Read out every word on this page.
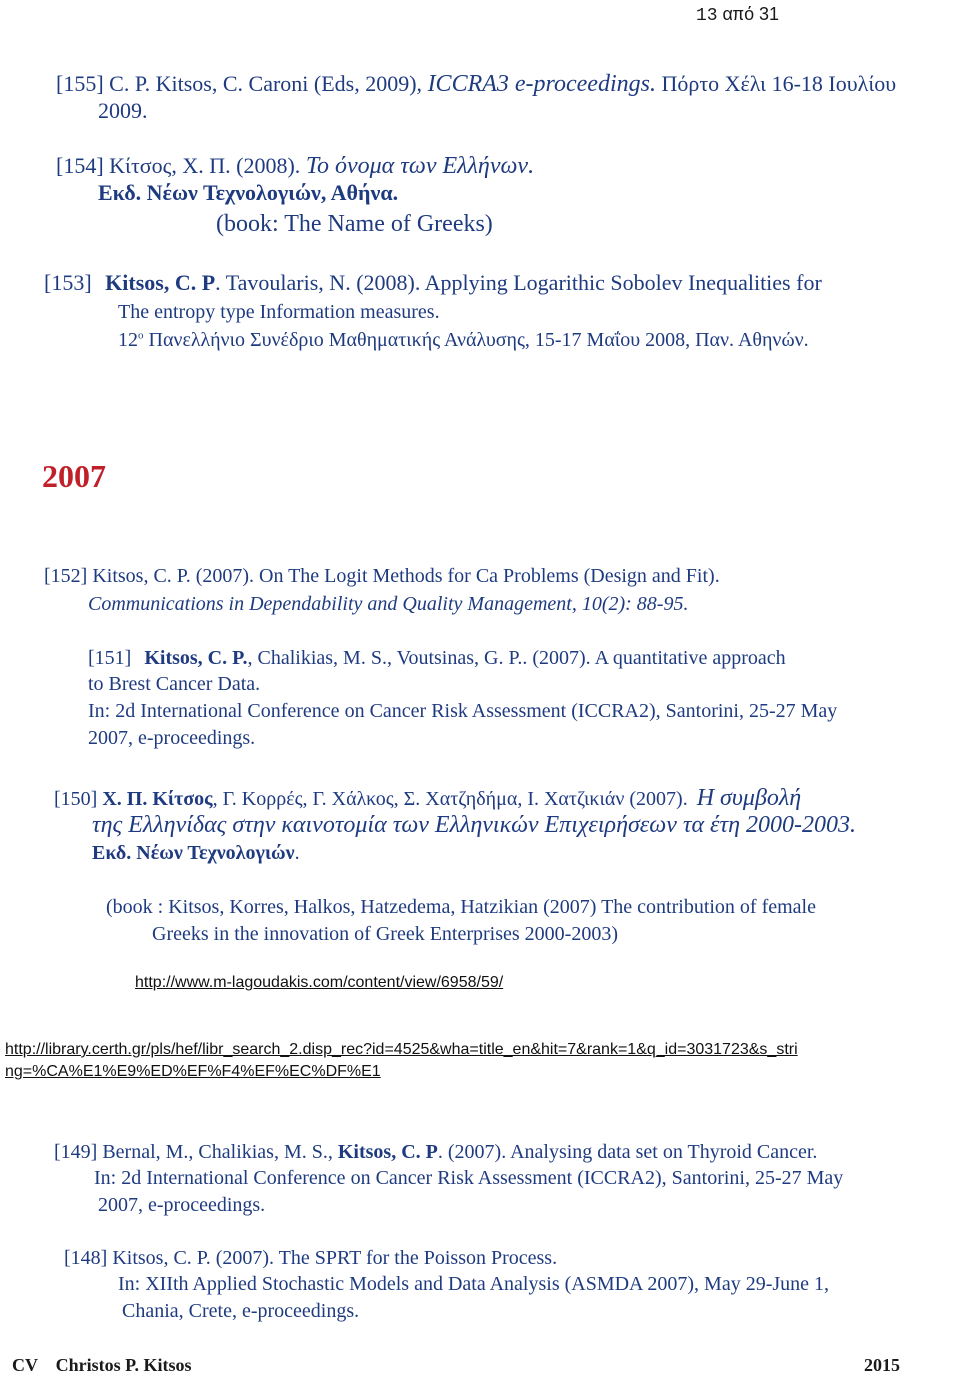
13 από 31
[155] C. P. Kitsos, C. Caroni (Eds, 2009), ICCRA3 e-proceedings. Πόρτο Χέλι 16-18 Ιουλίου
2009.
[154] Κίτσος, Χ. Π. (2008). Το όνομα των Ελλήνων.
Εκδ. Νέων Τεχνολογιών, Αθήνα.
(book: The Name of Greeks)
[153] Kitsos, C. P. Tavoularis, N. (2008). Applying Logarithic Sobolev Inequalities for
The entropy type Information measures.
$12^o$ Πανελλήνιο Συνέδριο Μαθηματικής Ανάλυσης, 15-17 Μαΐου 2008, Παν. Αθηνών.
2007
[152] Kitsos, C. P. (2007). On The Logit Methods for Ca Problems (Design and Fit).
Communications in Dependability and Quality Management, 10(2): 88-95.
[151] Kitsos, C. P., Chalikias, M. S., Voutsinas, G. P.. (2007). A quantitative approach
to Brest Cancer Data.
In: 2d International Conference on Cancer Risk Assessment (ICCRA2), Santorini, 25-27 May
2007, e-proceedings.
[150] Χ. Π. Κίτσος, Γ. Κορρές, Γ. Χάλκος, Σ. Χατζηδήμα, Ι. Χατζικιάν (2007). Η συμβολή
της Ελληνίδας στην καινοτομία των Ελληνικών Επιχειρήσεων τα έτη 2000-2003.
Εκδ. Νέων Τεχνολογιών.
(book : Kitsos, Korres, Halkos, Hatzedema, Hatzikian (2007) The contribution of female
Greeks in the innovation of Greek Enterprises 2000-2003)
http://www.m-lagoudakis.com/content/view/6958/59/
http://library.certh.gr/pls/hef/libr_search_2.disp_rec?id=4525&wha=title_en&hit=7&rank=1&q_id=3031723&s_stri
ng=%CA%E1%E9%ED%EF%F4%EF%EC%DF%E1
[149] Bernal, M., Chalikias, M. S., Kitsos, C. P. (2007). Analysing data set on Thyroid Cancer.
In: 2d International Conference on Cancer Risk Assessment (ICCRA2), Santorini, 25-27 May
2007, e-proceedings.
[148] Kitsos, C. P. (2007). The SPRT for the Poisson Process.
In: XIIth Applied Stochastic Models and Data Analysis (ASMDA 2007), May 29-June 1,
Chania, Crete, e-proceedings.
CV    Christos P. Kitsos	2015
